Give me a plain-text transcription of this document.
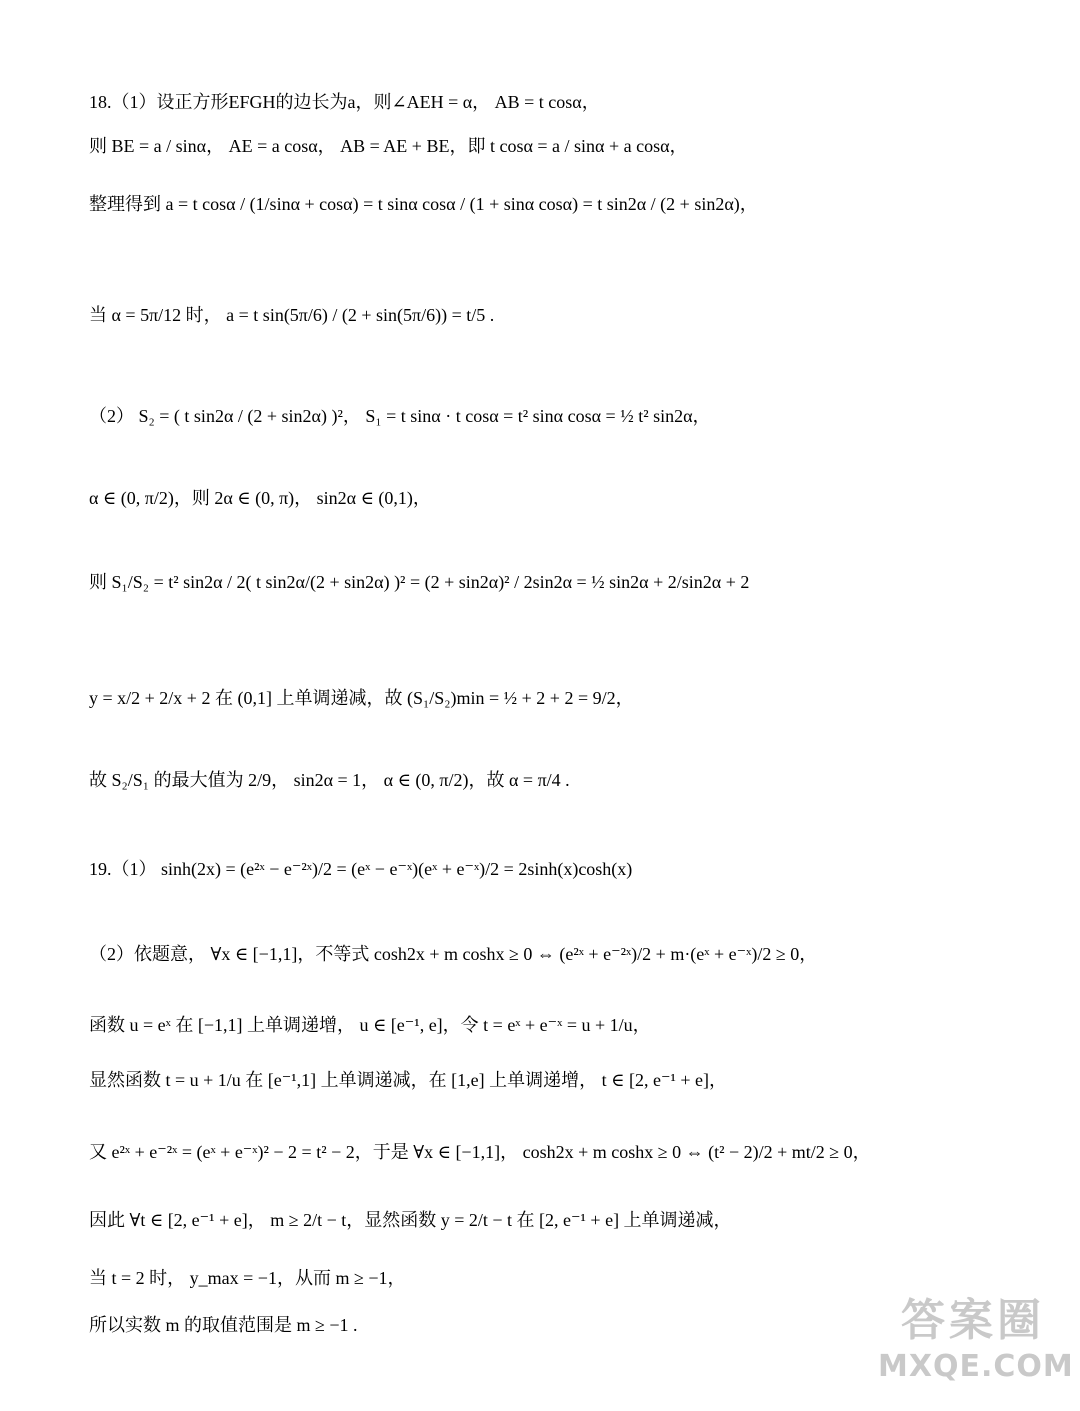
18.（1）设正方形EFGH的边长为a，则∠AEH = α， AB = t cosα，
则 BE = a / sinα， AE = a cosα， AB = AE + BE，即 t cosα = a / sinα + a cosα，
整理得到 a = t cosα / (1/sinα + cosα) = t sinα cosα / (1 + sinα cosα) = t sin2α / (2 + sin2α)，
当 α = 5π/12 时， a = t sin(5π/6) / (2 + sin(5π/6)) = t/5 .
（2） S₂ = ( t sin2α / (2 + sin2α) )²， S₁ = t sinα · t cosα = t² sinα cosα = ½ t² sin2α，
α ∈ (0, π/2)，则 2α ∈ (0, π)， sin2α ∈ (0,1)，
则 S₁/S₂ = t² sin2α / 2( t sin2α/(2 + sin2α) )² = (2 + sin2α)² / 2sin2α = ½ sin2α + 2/sin2α + 2
y = x/2 + 2/x + 2 在 (0,1] 上单调递减，故 (S₁/S₂)min = ½ + 2 + 2 = 9/2，
故 S₂/S₁ 的最大值为 2/9， sin2α = 1， α ∈ (0, π/2)，故 α = π/4 .
19.（1） sinh(2x) = (e²ˣ − e⁻²ˣ)/2 = (eˣ − e⁻ˣ)(eˣ + e⁻ˣ)/2 = 2sinh(x)cosh(x)
（2）依题意， ∀x ∈ [−1,1]，不等式 cosh2x + m coshx ≥ 0 ⇔ (e²ˣ + e⁻²ˣ)/2 + m·(eˣ + e⁻ˣ)/2 ≥ 0，
函数 u = eˣ 在 [−1,1] 上单调递增， u ∈ [e⁻¹, e]，令 t = eˣ + e⁻ˣ = u + 1/u，
显然函数 t = u + 1/u 在 [e⁻¹,1] 上单调递减，在 [1,e] 上单调递增， t ∈ [2, e⁻¹ + e]，
又 e²ˣ + e⁻²ˣ = (eˣ + e⁻ˣ)² − 2 = t² − 2，于是 ∀x ∈ [−1,1]， cosh2x + m coshx ≥ 0 ⇔ (t² − 2)/2 + mt/2 ≥ 0，
因此 ∀t ∈ [2, e⁻¹ + e]， m ≥ 2/t − t，显然函数 y = 2/t − t 在 [2, e⁻¹ + e] 上单调递减，
当 t = 2 时， y_max = −1，从而 m ≥ −1，
所以实数 m 的取值范围是 m ≥ −1 .	答案圈
MXQE.COM
